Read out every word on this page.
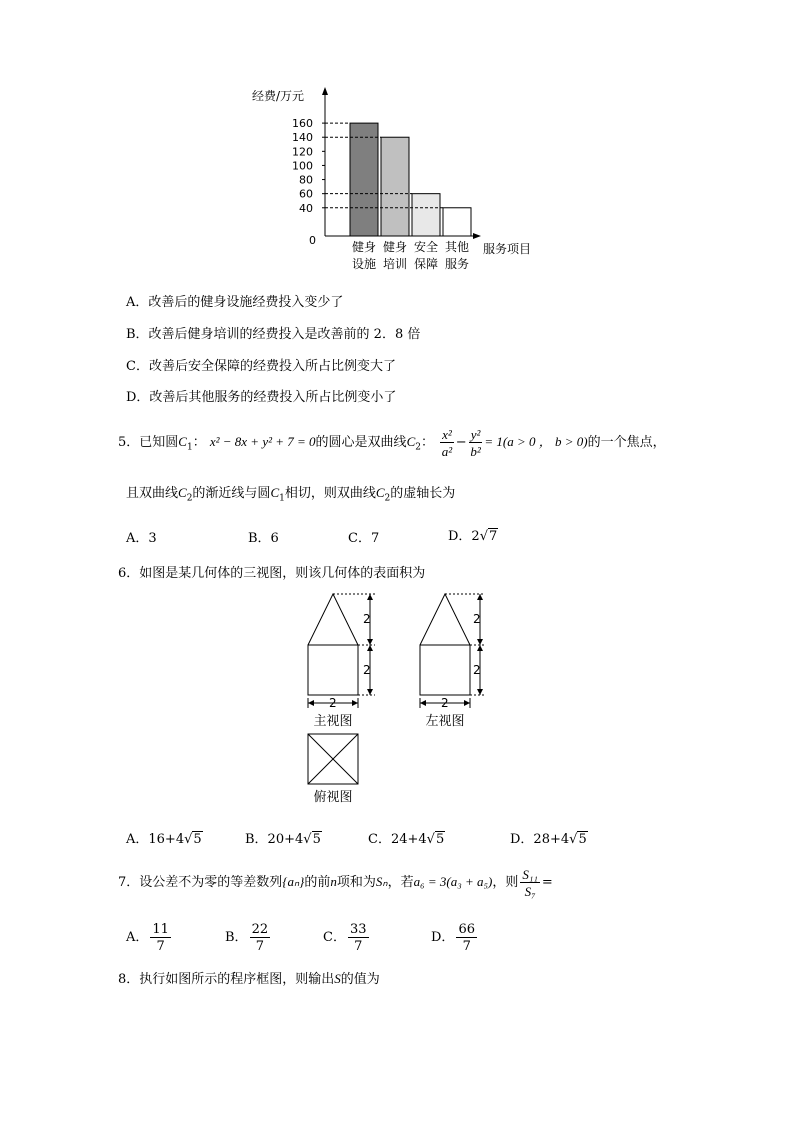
经费/万元
服务项目
0
40
60
80
100
120
140
160
健身
设施
健身
培训
安全
保障
其他
服务
A．改善后的健身设施经费投入变少了
B．改善后健身培训的经费投入是改善前的 2．8 倍
C．改善后安全保障的经费投入所占比例变大了
D．改善后其他服务的经费投入所占比例变小了
5．已知圆$C_1$： x² − 8x + y² + 7 = 0的圆心是双曲线$C_2$： $\frac{\text{x²}}{\text{a²}} - \frac{\text{y²}}{\text{b²}} = 1(a > 0$ ， b > 0)的一个焦点，
且双曲线$C_2$的渐近线与圆$C_1$相切，则双曲线$C_2$的虚轴长为
A．3	B．6	C．7	D．2√7
6．如图是某几何体的三视图，则该几何体的表面积为
2
2
2
2
2
2
主视图	左视图
俯视图
A．16+4√5	B．20+4√5	C．24+4√5	D．28+4√5
7．设公差不为零的等差数列{aₙ}的前n项和为Sₙ，若a₆ = 3(a₃ + a₅)，则 $\frac{\text{S₁₁}}{\text{S₇}}$ =
A． $\frac{11}{7}$	B． $\frac{22}{7}$	C． $\frac{33}{7}$	D． $\frac{66}{7}$
8．执行如图所示的程序框图，则输出S的值为
